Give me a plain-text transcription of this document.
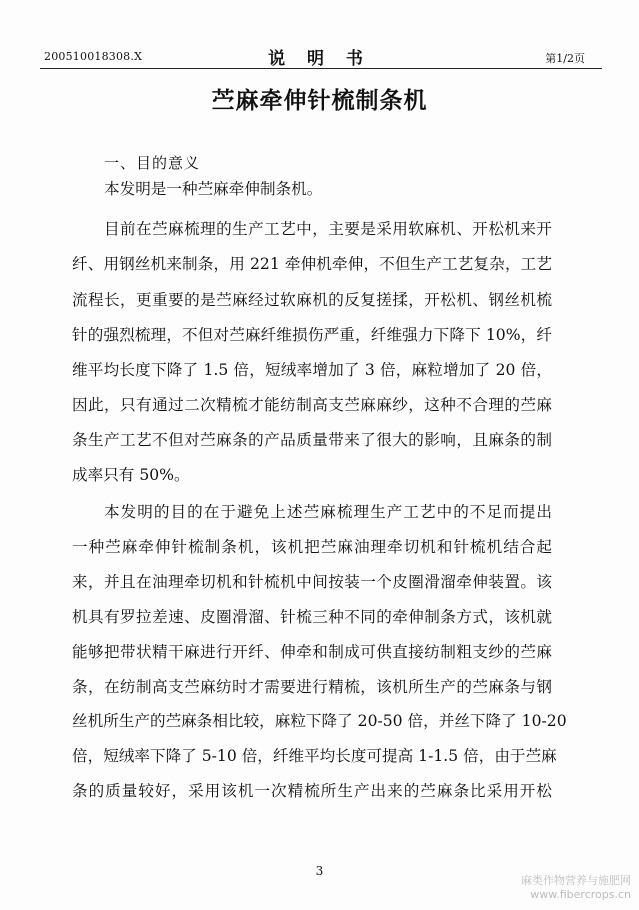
200510018308.X	说 明 书	第1/2页
苎麻牵伸针梳制条机
一、目的意义
本发明是一种苎麻牵伸制条机。
目前在苎麻梳理的生产工艺中，主要是采用软麻机、开松机来开
纤、用钢丝机来制条，用 221 牵伸机牵伸，不但生产工艺复杂，工艺
流程长，更重要的是苎麻经过软麻机的反复搓揉，开松机、钢丝机梳
针的强烈梳理，不但对苎麻纤维损伤严重，纤维强力下降下 10%，纤
维平均长度下降了 1.5 倍，短绒率增加了 3 倍，麻粒增加了 20 倍，
因此，只有通过二次精梳才能纺制高支苎麻麻纱，这种不合理的苎麻
条生产工艺不但对苎麻条的产品质量带来了很大的影响，且麻条的制
成率只有 50%。
本发明的目的在于避免上述苎麻梳理生产工艺中的不足而提出
一种苎麻牵伸针梳制条机，该机把苎麻油理牵切机和针梳机结合起
来，并且在油理牵切机和针梳机中间按装一个皮圈滑溜牵伸装置。该
机具有罗拉差速、皮圈滑溜、针梳三种不同的牵伸制条方式，该机就
能够把带状精干麻进行开纤、伸牵和制成可供直接纺制粗支纱的苎麻
条，在纺制高支苎麻纺时才需要进行精梳，该机所生产的苎麻条与钢
丝机所生产的苎麻条相比较，麻粒下降了 20-50 倍，并丝下降了 10-20
倍，短绒率下降了 5-10 倍，纤维平均长度可提高 1-1.5 倍，由于苎麻
条的质量较好，采用该机一次精梳所生产出来的苎麻条比采用开松
3
麻类作物营养与施肥网
www.fibercrops.cn
